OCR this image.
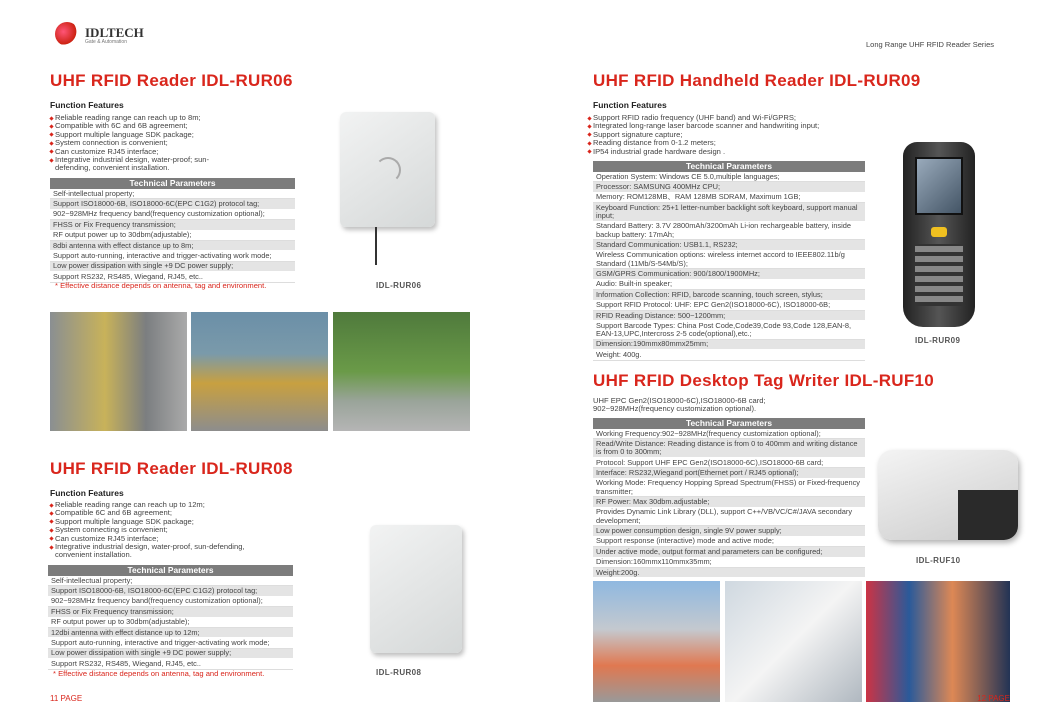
IDLTECH
Gate & Automation	Long Range UHF RFID Reader Series
UHF RFID Reader IDL-RUR06
Function Features
Reliable reading range can reach up to 8m;
Compatible with 6C and 6B agreement;
Support multiple language SDK package;
System connection is convenient;
Can customize RJ45 interface;
Integrative industrial design, water-proof; sun-defending, convenient installation.
Technical Parameters
Self-intellectual property;
Support ISO18000-6B, ISO18000-6C(EPC C1G2) protocol tag;
902~928MHz frequency band(frequency customization optional);
FHSS or Fix Frequency transmission;
RF output power up to 30dbm(adjustable);
8dbi antenna with effect distance up to 8m;
Support auto-running, interactive and trigger-activating work mode;
Low power dissipation with single +9 DC power supply;
Support RS232, RS485, Wiegand, RJ45, etc..
* Effective distance depends on antenna, tag and environment.	IDL-RUR06
UHF RFID Reader IDL-RUR08
Function Features
Reliable reading range can reach up to 12m;
Compatible 6C and 6B agreement;
Support multiple language SDK package;
System connecting is convenient;
Can customize RJ45 interface;
Integrative industrial design, water-proof, sun-defending, convenient installation.
Technical Parameters
Self-intellectual property;
Support ISO18000-6B, ISO18000-6C(EPC C1G2) protocol tag;
902~928MHz frequency band(frequency customization optional);
FHSS or Fix Frequency transmission;
RF output power up to 30dbm(adjustable);
12dbi antenna with effect distance up to 12m;
Support auto-running, interactive and trigger-activating work mode;
Low power dissipation with single +9 DC power supply;
Support RS232, RS485, Wiegand, RJ45, etc..
* Effective distance depends on antenna, tag and environment.	IDL-RUR08
11 PAGE
UHF RFID Handheld Reader IDL-RUR09
Function Features
Support RFID radio frequency (UHF band) and Wi-Fi/GPRS;
Integrated long-range laser barcode scanner and handwriting input;
Support signature capture;
Reading distance from 0-1.2 meters;
IP54 industrial grade hardware design .
Technical Parameters
Operation System: Windows CE 5.0,multiple languages;
Processor: SAMSUNG 400MHz CPU;
Memory: ROM128MB、RAM 128MB SDRAM, Maximum 1GB;
Keyboard Function: 25+1 letter-number backlight soft keyboard, support manual input;
Standard Battery: 3.7V 2800mAh/3200mAh Li-ion rechargeable battery, inside backup battery: 17mAh;
Standard Communication: USB1.1, RS232;
Wireless Communication options: wireless internet accord to IEEE802.11b/g Standard (11Mb/S-54Mb/S);
GSM/GPRS Communication: 900/1800/1900MHz;
Audio: Built-in speaker;
Information Collection: RFID, barcode scanning, touch screen, stylus;
Support RFID Protocol: UHF: EPC Gen2(ISO18000-6C), ISO18000-6B;
RFID Reading Distance: 500~1200mm;
Support Barcode Types: China Post Code,Code39,Code 93,Code 128,EAN-8, EAN-13,UPC,Intercross 2-5 code(optional),etc.;
Dimension:190mmx80mmx25mm;
Weight: 400g.
IDL-RUR09
UHF RFID Desktop Tag Writer IDL-RUF10
UHF EPC Gen2(ISO18000-6C),ISO18000-6B card;
902~928MHz(frequency customization optional).
Technical Parameters
Working Frequency:902~928MHz(frequency customization optional);
Read/Write Distance: Reading distance is from 0 to 400mm and writing distance is from 0 to 300mm;
Protocol: Support UHF EPC Gen2(ISO18000-6C),ISO18000-6B card;
Interface: RS232,Wiegand port(Ethernet port / RJ45 optional);
Working Mode: Frequency Hopping Spread Spectrum(FHSS) or Fixed-frequency transmitter;
RF Power: Max 30dbm.adjustable;
Provides Dynamic Link Library (DLL), support C++/VB/VC/C#/JAVA secondary development;
Low power consumption design, single 9V power supply;
Support response (interactive) mode and active mode;
Under active mode, output format and parameters can be configured;
Dimension:160mmx110mmx35mm;
Weight:200g.
IDL-RUF10
12 PAGE
